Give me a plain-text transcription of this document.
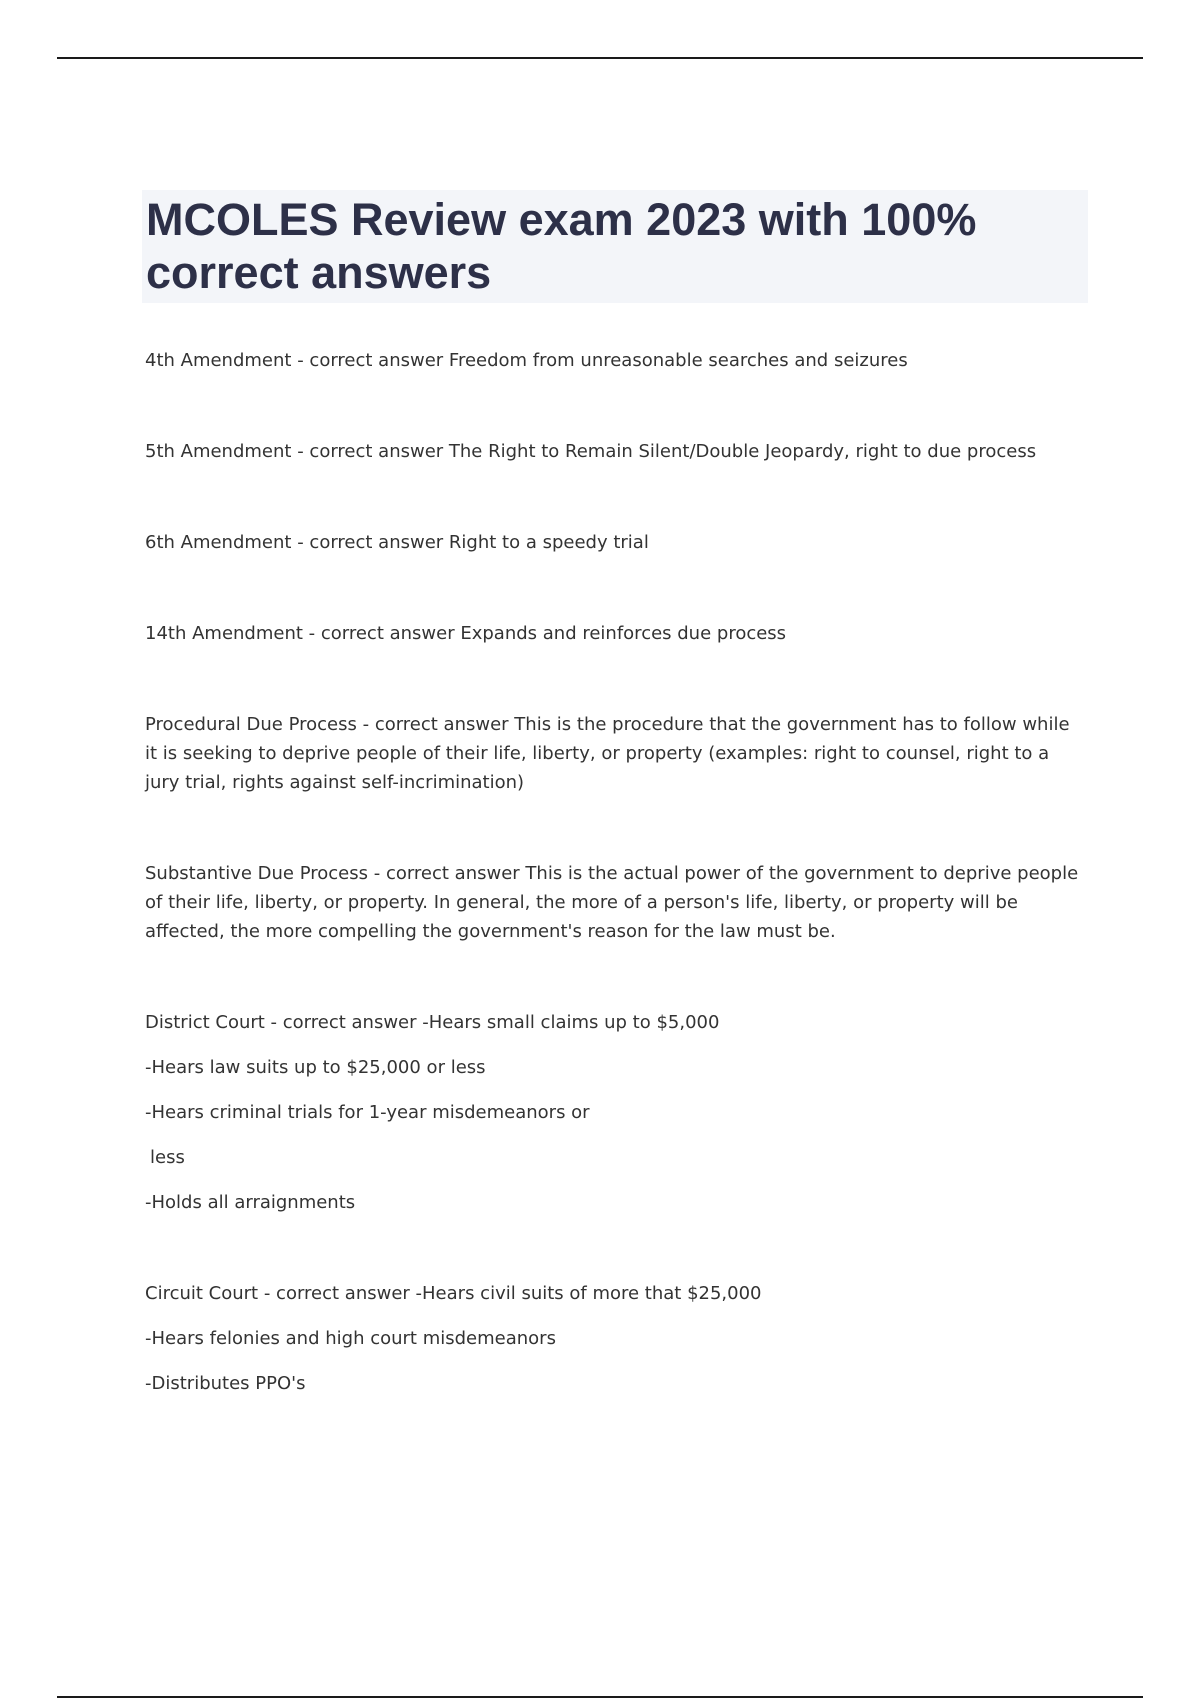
MCOLES Review exam 2023 with 100% correct answers

4th Amendment - correct answer Freedom from unreasonable searches and seizures

5th Amendment - correct answer The Right to Remain Silent/Double Jeopardy, right to due process

6th Amendment - correct answer Right to a speedy trial

14th Amendment - correct answer Expands and reinforces due process

Procedural Due Process - correct answer This is the procedure that the government has to follow while it is seeking to deprive people of their life, liberty, or property (examples: right to counsel, right to a jury trial, rights against self-incrimination)

Substantive Due Process - correct answer This is the actual power of the government to deprive people of their life, liberty, or property. In general, the more of a person's life, liberty, or property will be affected, the more compelling the government's reason for the law must be.

District Court - correct answer -Hears small claims up to $5,000

-Hears law suits up to $25,000 or less

-Hears criminal trials for 1-year misdemeanors or

less

-Holds all arraignments

Circuit Court - correct answer -Hears civil suits of more that $25,000

-Hears felonies and high court misdemeanors

-Distributes PPO's
